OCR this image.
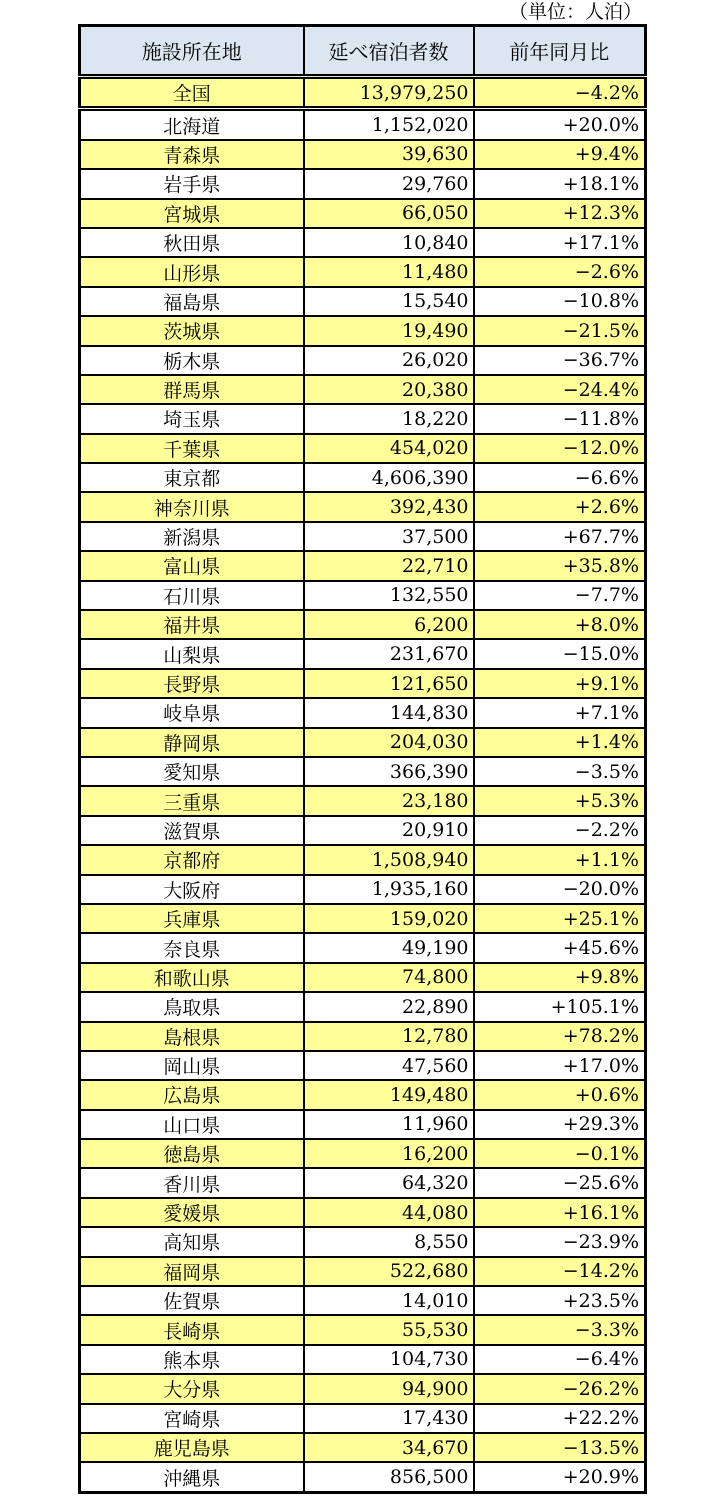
（単位：人泊）
施設所在地	延べ宿泊者数	前年同月比
全国	13,979,250	−4.2%
北海道	1,152,020	+20.0%
青森県	39,630	+9.4%
岩手県	29,760	+18.1%
宮城県	66,050	+12.3%
秋田県	10,840	+17.1%
山形県	11,480	−2.6%
福島県	15,540	−10.8%
茨城県	19,490	−21.5%
栃木県	26,020	−36.7%
群馬県	20,380	−24.4%
埼玉県	18,220	−11.8%
千葉県	454,020	−12.0%
東京都	4,606,390	−6.6%
神奈川県	392,430	+2.6%
新潟県	37,500	+67.7%
富山県	22,710	+35.8%
石川県	132,550	−7.7%
福井県	6,200	+8.0%
山梨県	231,670	−15.0%
長野県	121,650	+9.1%
岐阜県	144,830	+7.1%
静岡県	204,030	+1.4%
愛知県	366,390	−3.5%
三重県	23,180	+5.3%
滋賀県	20,910	−2.2%
京都府	1,508,940	+1.1%
大阪府	1,935,160	−20.0%
兵庫県	159,020	+25.1%
奈良県	49,190	+45.6%
和歌山県	74,800	+9.8%
鳥取県	22,890	+105.1%
島根県	12,780	+78.2%
岡山県	47,560	+17.0%
広島県	149,480	+0.6%
山口県	11,960	+29.3%
徳島県	16,200	−0.1%
香川県	64,320	−25.6%
愛媛県	44,080	+16.1%
高知県	8,550	−23.9%
福岡県	522,680	−14.2%
佐賀県	14,010	+23.5%
長崎県	55,530	−3.3%
熊本県	104,730	−6.4%
大分県	94,900	−26.2%
宮崎県	17,430	+22.2%
鹿児島県	34,670	−13.5%
沖縄県	856,500	+20.9%
